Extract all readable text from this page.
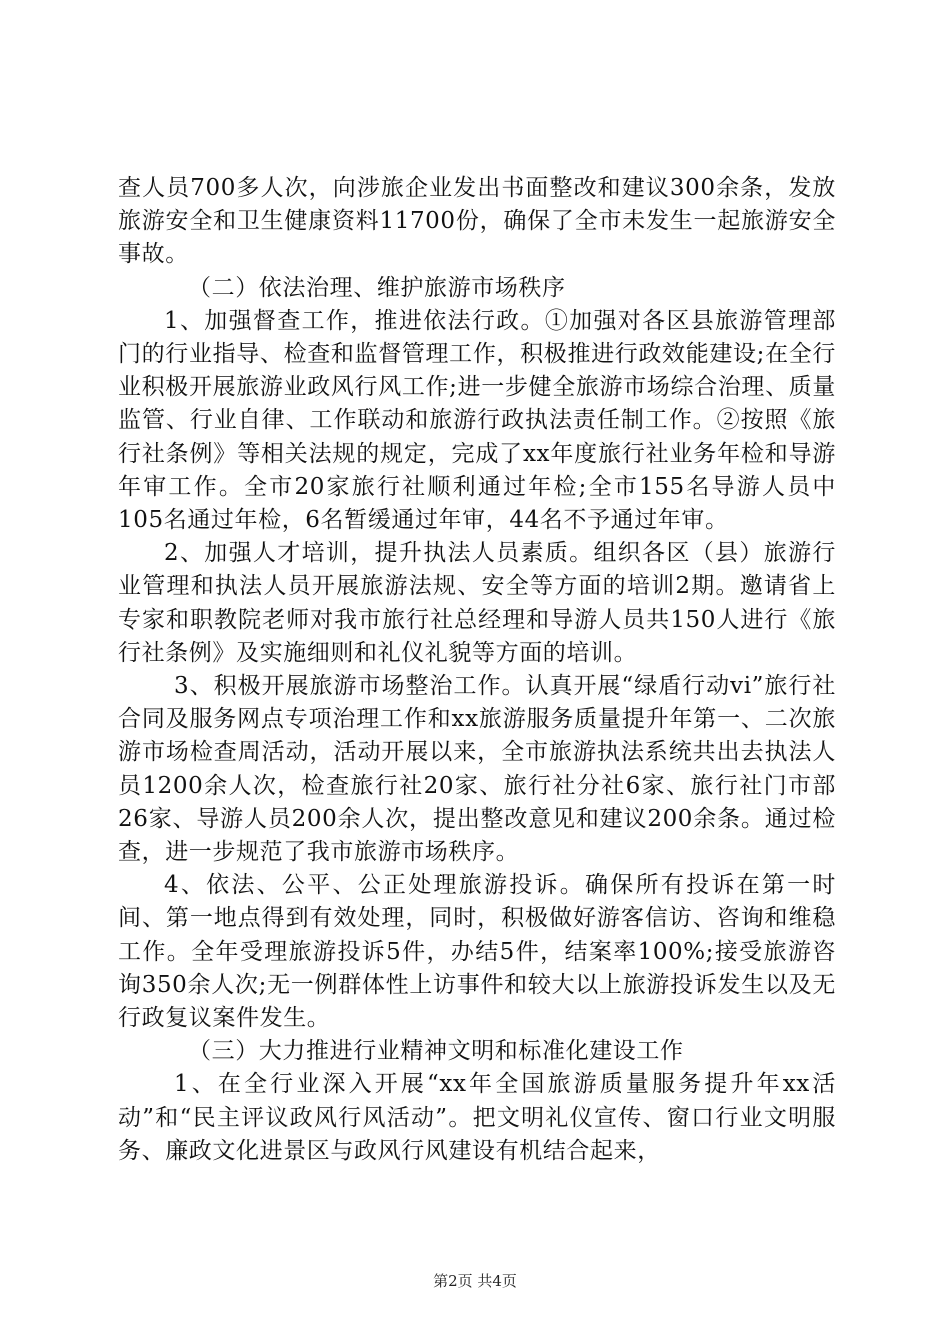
查人员700多人次，向涉旅企业发出书面整改和建议300余条，发放旅游安全和卫生健康资料11700份，确保了全市未发生一起旅游安全事故。

（二）依法治理、维护旅游市场秩序

1、加强督查工作，推进依法行政。①加强对各区县旅游管理部门的行业指导、检查和监督管理工作，积极推进行政效能建设;在全行业积极开展旅游业政风行风工作;进一步健全旅游市场综合治理、质量监管、行业自律、工作联动和旅游行政执法责任制工作。②按照《旅行社条例》等相关法规的规定，完成了xx年度旅行社业务年检和导游年审工作。全市20家旅行社顺利通过年检;全市155名导游人员中105名通过年检，6名暂缓通过年审，44名不予通过年审。

2、加强人才培训，提升执法人员素质。组织各区（县）旅游行业管理和执法人员开展旅游法规、安全等方面的培训2期。邀请省上专家和职教院老师对我市旅行社总经理和导游人员共150人进行《旅行社条例》及实施细则和礼仪礼貌等方面的培训。

3、积极开展旅游市场整治工作。认真开展“绿盾行动vi”旅行社合同及服务网点专项治理工作和xx旅游服务质量提升年第一、二次旅游市场检查周活动，活动开展以来，全市旅游执法系统共出去执法人员1200余人次，检查旅行社20家、旅行社分社6家、旅行社门市部26家、导游人员200余人次，提出整改意见和建议200余条。通过检查，进一步规范了我市旅游市场秩序。

4、依法、公平、公正处理旅游投诉。确保所有投诉在第一时间、第一地点得到有效处理，同时，积极做好游客信访、咨询和维稳工作。全年受理旅游投诉5件，办结5件，结案率100%;接受旅游咨询350余人次;无一例群体性上访事件和较大以上旅游投诉发生以及无行政复议案件发生。

（三）大力推进行业精神文明和标准化建设工作

1、在全行业深入开展“xx年全国旅游质量服务提升年xx活动”和“民主评议政风行风活动”。把文明礼仪宣传、窗口行业文明服务、廉政文化进景区与政风行风建设有机结合起来，

第2页 共4页
